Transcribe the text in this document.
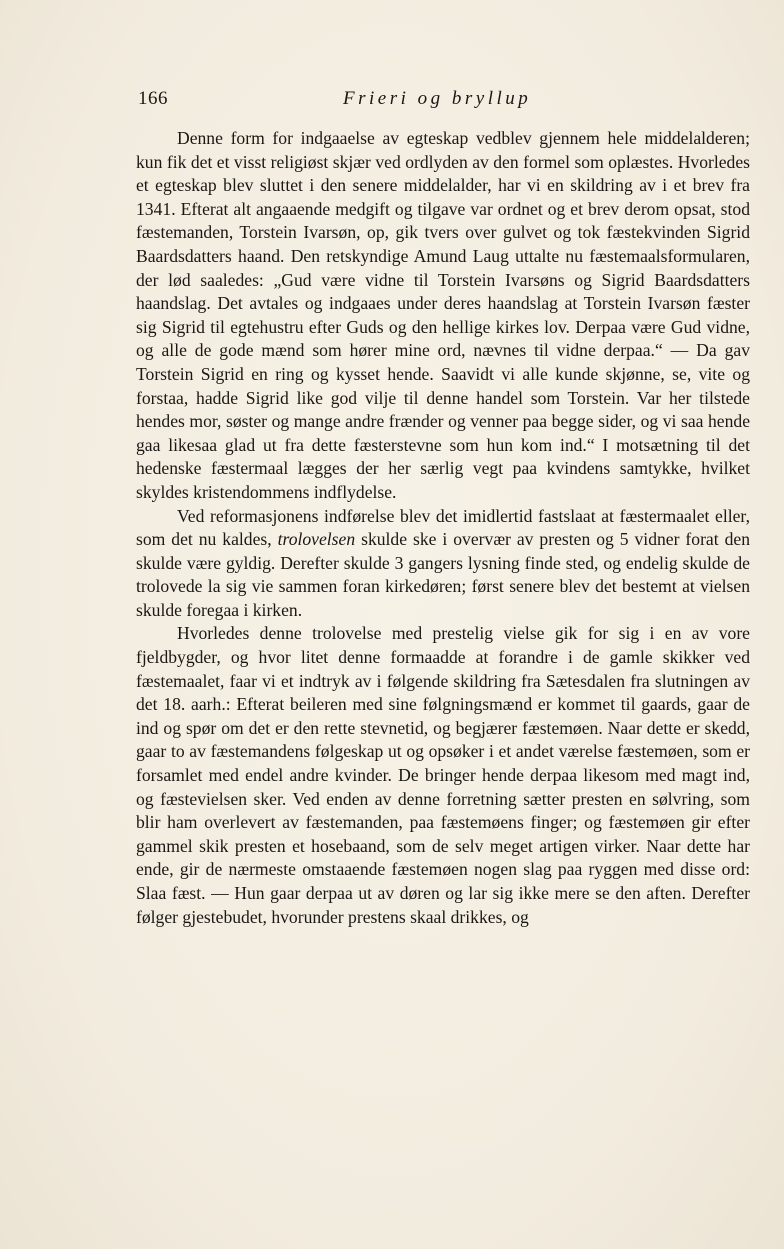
166	Frieri og bryllup

Denne form for indgaaelse av egteskap vedblev gjennem hele middelalderen; kun fik det et visst religiøst skjær ved ordlyden av den formel som oplæstes. Hvorledes et egteskap blev sluttet i den senere middelalder, har vi en skildring av i et brev fra 1341. Efterat alt angaaende medgift og tilgave var ordnet og et brev derom opsat, stod fæstemanden, Torstein Ivarsøn, op, gik tvers over gulvet og tok fæstekvinden Sigrid Baardsdatters haand. Den retskyndige Amund Laug uttalte nu fæstemaalsformularen, der lød saaledes: „Gud være vidne til Torstein Ivarsøns og Sigrid Baardsdatters haandslag. Det avtales og indgaaes under deres haandslag at Torstein Ivarsøn fæster sig Sigrid til egtehustru efter Guds og den hellige kirkes lov. Derpaa være Gud vidne, og alle de gode mænd som hører mine ord, nævnes til vidne derpaa.“ — Da gav Torstein Sigrid en ring og kysset hende. Saavidt vi alle kunde skjønne, se, vite og forstaa, hadde Sigrid like god vilje til denne handel som Torstein. Var her tilstede hendes mor, søster og mange andre frænder og venner paa begge sider, og vi saa hende gaa likesaa glad ut fra dette fæsterstevne som hun kom ind.“ I motsætning til det hedenske fæstermaal lægges der her særlig vegt paa kvindens samtykke, hvilket skyldes kristendommens indflydelse.

Ved reformasjonens indførelse blev det imidlertid fastslaat at fæstermaalet eller, som det nu kaldes, trolovelsen skulde ske i overvær av presten og 5 vidner forat den skulde være gyldig. Derefter skulde 3 gangers lysning finde sted, og endelig skulde de trolovede la sig vie sammen foran kirkedøren; først senere blev det bestemt at vielsen skulde foregaa i kirken.

Hvorledes denne trolovelse med prestelig vielse gik for sig i en av vore fjeldbygder, og hvor litet denne formaadde at forandre i de gamle skikker ved fæstemaalet, faar vi et indtryk av i følgende skildring fra Sætesdalen fra slutningen av det 18. aarh.: Efterat beileren med sine følgningsmænd er kommet til gaards, gaar de ind og spør om det er den rette stevnetid, og begjærer fæstemøen. Naar dette er skedd, gaar to av fæstemandens følgeskap ut og opsøker i et andet værelse fæstemøen, som er forsamlet med endel andre kvinder. De bringer hende derpaa likesom med magt ind, og fæstevielsen sker. Ved enden av denne forretning sætter presten en sølvring, som blir ham overlevert av fæstemanden, paa fæstemøens finger; og fæstemøen gir efter gammel skik presten et hosebaand, som de selv meget artigen virker. Naar dette har ende, gir de nærmeste omstaaende fæstemøen nogen slag paa ryggen med disse ord: Slaa fæst. — Hun gaar derpaa ut av døren og lar sig ikke mere se den aften. Derefter følger gjestebudet, hvorunder prestens skaal drikkes, og
